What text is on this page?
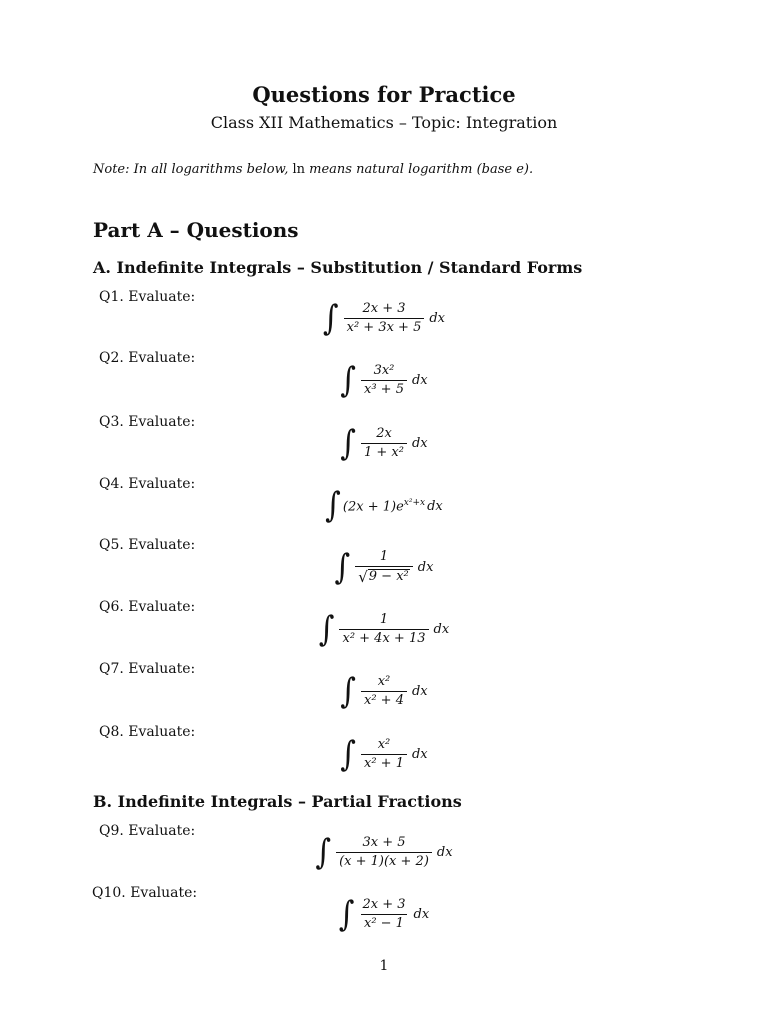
Questions for Practice
Class XII Mathematics – Topic: Integration
Note: In all logarithms below, ln means natural logarithm (base e).
Part A – Questions
A. Indefinite Integrals – Substitution / Standard Forms
Q1. Evaluate:
∫ $\frac{2x + 3}{\text{x² + 3x + 5}}$ dx
Q2. Evaluate:
∫ $\frac{\text{3x²}}{\text{x³ + 5}}$ dx
Q3. Evaluate:
∫ $\frac{2x}{\text{1 + x²}}$ dx
Q4. Evaluate:
∫ $(2x + 1)e^{x^2+x}$ dx
Q5. Evaluate:
∫ $\frac{1}{\text{√ 9 − x²}}$ dx
Q6. Evaluate:
∫ $\frac{1}{\text{x² + 4x + 13}}$ dx
Q7. Evaluate:
∫ $\frac{\text{x²}}{\text{x² + 4}}$ dx
Q8. Evaluate:
∫ $\frac{\text{x²}}{\text{x² + 1}}$ dx
B. Indefinite Integrals – Partial Fractions
Q9. Evaluate:
∫ $\frac{3x + 5}{(x + 1)(x + 2)}$ dx
Q10. Evaluate:
∫ $\frac{2x + 3}{\text{x² − 1}}$ dx
1
